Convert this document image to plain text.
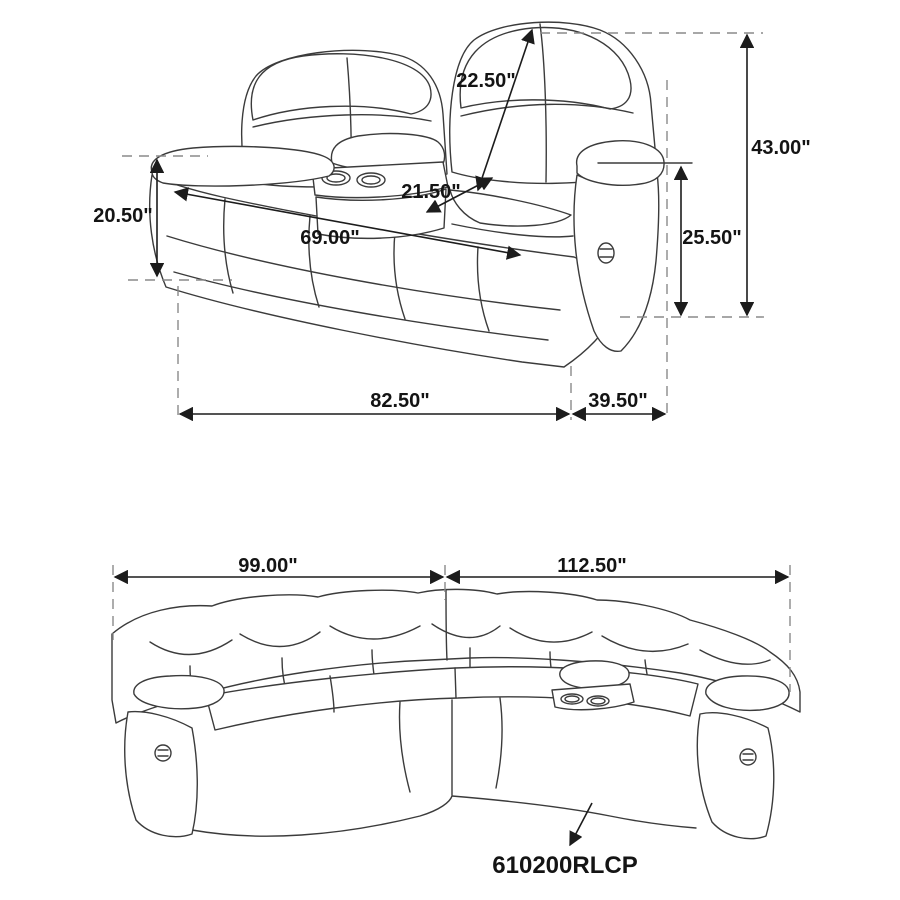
20.50"
22.50"
21.50"
69.00"	25.50"
43.00"
82.50"	39.50"
99.00"	112.50"
610200RLCP
